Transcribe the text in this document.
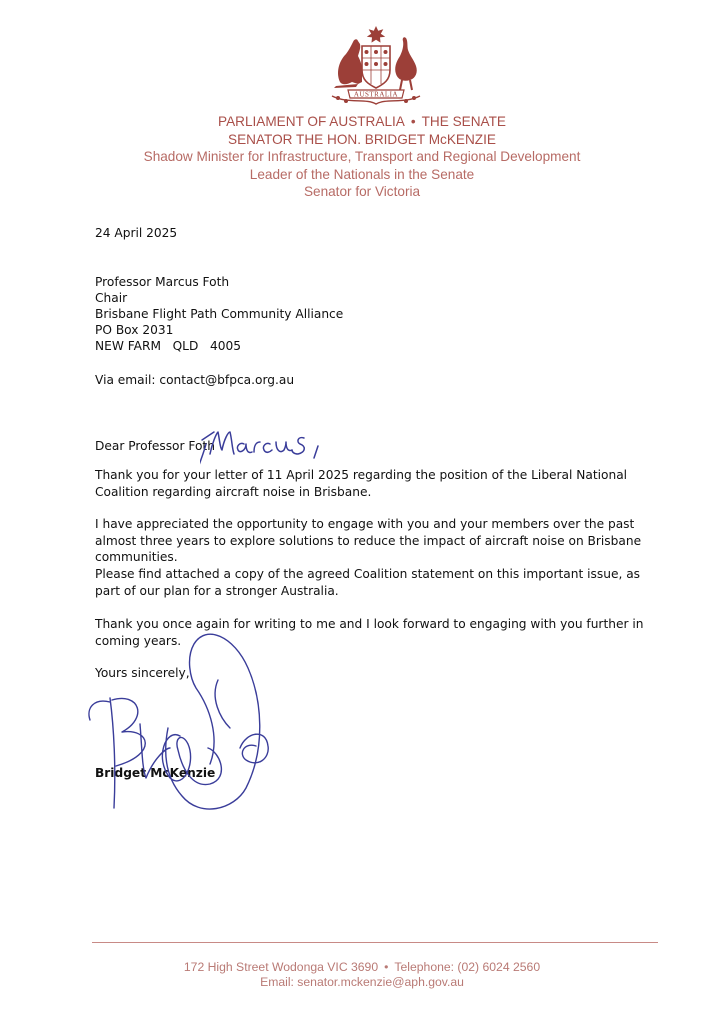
AUSTRALIA
PARLIAMENT OF AUSTRALIA • THE SENATE
SENATOR THE HON. BRIDGET McKENZIE
Shadow Minister for Infrastructure, Transport and Regional Development
Leader of the Nationals in the Senate
Senator for Victoria
24 April 2025
Professor Marcus Foth
Chair
Brisbane Flight Path Community Alliance
PO Box 2031
NEW FARM   QLD   4005
Via email: contact@bfpca.org.au
Dear Professor Foth
Thank you for your letter of 11 April 2025 regarding the position of the Liberal National Coalition regarding aircraft noise in Brisbane.
I have appreciated the opportunity to engage with you and your members over the past almost three years to explore solutions to reduce the impact of aircraft noise on Brisbane communities.
Please find attached a copy of the agreed Coalition statement on this important issue, as part of our plan for a stronger Australia.
Thank you once again for writing to me and I look forward to engaging with you further in coming years.
Yours sincerely,
Bridget McKenzie
172 High Street Wodonga VIC 3690 • Telephone: (02) 6024 2560
Email: senator.mckenzie@aph.gov.au
